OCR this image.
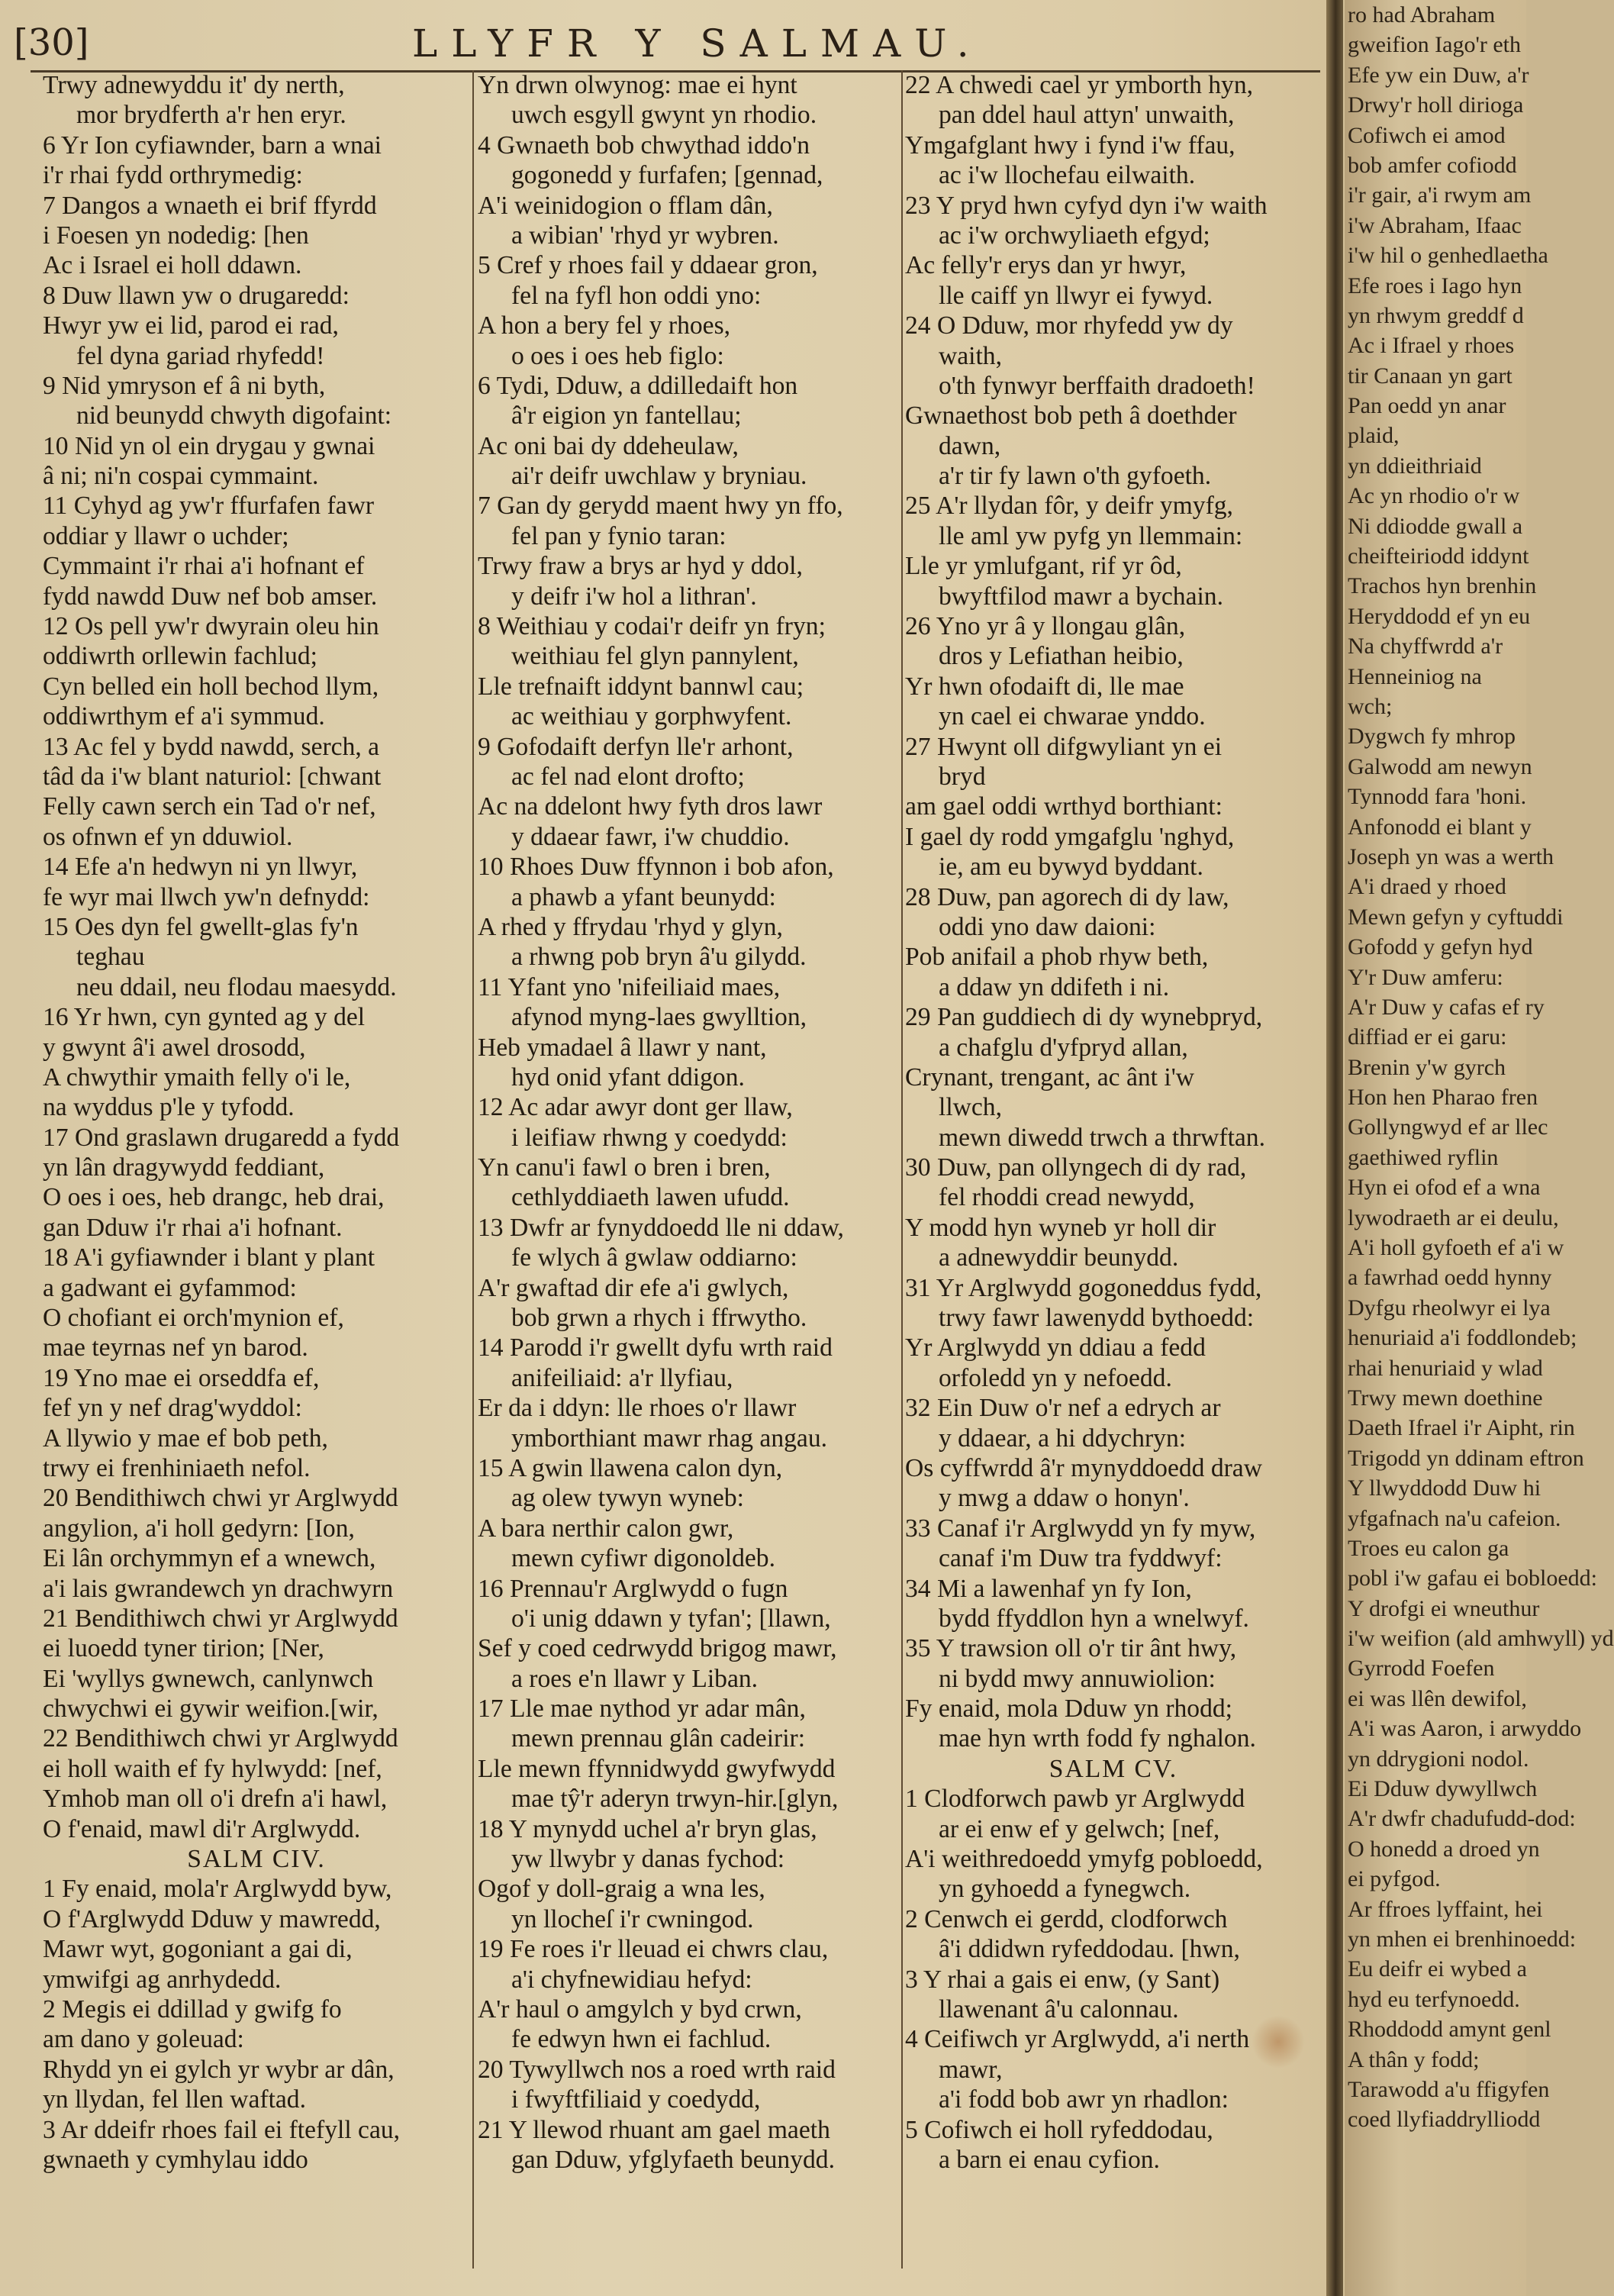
[30]	LLYFR Y SALMAU.
Trwy adnewyddu it' dy nerth,
mor brydferth a'r hen eryr.
6 Yr Ion cyfiawnder, barn a wnai
i'r rhai fydd orthrymedig:
7 Dangos a wnaeth ei brif ffyrdd
i Foesen yn nodedig: [hen
Ac i Israel ei holl ddawn.
8 Duw llawn yw o drugaredd:
Hwyr yw ei lid, parod ei rad,
fel dyna gariad rhyfedd!
9 Nid ymryson ef â ni byth,
nid beunydd chwyth digofaint:
10 Nid yn ol ein drygau y gwnai
â ni; ni'n cospai cymmaint.
11 Cyhyd ag yw'r ffurfafen fawr
oddiar y llawr o uchder;
Cymmaint i'r rhai a'i hofnant ef
fydd nawdd Duw nef bob amser.
12 Os pell yw'r dwyrain oleu hin
oddiwrth orllewin fachlud;
Cyn belled ein holl bechod llym,
oddiwrthym ef a'i symmud.
13 Ac fel y bydd nawdd, serch, a
tâd da i'w blant naturiol: [chwant
Felly cawn serch ein Tad o'r nef,
os ofnwn ef yn dduwiol.
14 Efe a'n hedwyn ni yn llwyr,
fe wyr mai llwch yw'n defnydd:
15 Oes dyn fel gwellt-glas fy'n
teghau
neu ddail, neu flodau maesydd.
16 Yr hwn, cyn gynted ag y del
y gwynt â'i awel drosodd,
A chwythir ymaith felly o'i le,
na wyddus p'le y tyfodd.
17 Ond graslawn drugaredd a fydd
yn lân dragywydd feddiant,
O oes i oes, heb drangc, heb drai,
gan Dduw i'r rhai a'i hofnant.
18 A'i gyfiawnder i blant y plant
a gadwant ei gyfammod:
O chofiant ei orch'mynion ef,
mae teyrnas nef yn barod.
19 Yno mae ei orseddfa ef,
fef yn y nef drag'wyddol:
A llywio y mae ef bob peth,
trwy ei frenhiniaeth nefol.
20 Bendithiwch chwi yr Arglwydd
angylion, a'i holl gedyrn: [Ion,
Ei lân orchymmyn ef a wnewch,
a'i lais gwrandewch yn drachwyrn
21 Bendithiwch chwi yr Arglwydd
ei luoedd tyner tirion; [Ner,
Ei 'wyllys gwnewch, canlynwch
chwychwi ei gywir weifion.[wir,
22 Bendithiwch chwi yr Arglwydd
ei holl waith ef fy hylwydd: [nef,
Ymhob man oll o'i drefn a'i hawl,
O f'enaid, mawl di'r Arglwydd.
SALM CIV.
1 Fy enaid, mola'r Arglwydd byw,
O f'Arglwydd Dduw y mawredd,
Mawr wyt, gogoniant a gai di,
ymwifgi ag anrhydedd.
2 Megis ei ddillad y gwifg fo
am dano y goleuad:
Rhydd yn ei gylch yr wybr ar dân,
yn llydan, fel llen waftad.
3 Ar ddeifr rhoes fail ei ftefyll cau,
gwnaeth y cymhylau iddo
Yn drwn olwynog: mae ei hynt
uwch esgyll gwynt yn rhodio.
4 Gwnaeth bob chwythad iddo'n
gogonedd y furfafen; [gennad,
A'i weinidogion o fflam dân,
a wibian' 'rhyd yr wybren.
5 Cref y rhoes fail y ddaear gron,
fel na fyfl hon oddi yno:
A hon a bery fel y rhoes,
o oes i oes heb figlo:
6 Tydi, Dduw, a ddilledaift hon
â'r eigion yn fantellau;
Ac oni bai dy ddeheulaw,
ai'r deifr uwchlaw y bryniau.
7 Gan dy gerydd maent hwy yn ffo,
fel pan y fynio taran:
Trwy fraw a brys ar hyd y ddol,
y deifr i'w hol a lithran'.
8 Weithiau y codai'r deifr yn fryn;
weithiau fel glyn pannylent,
Lle trefnaift iddynt bannwl cau;
ac weithiau y gorphwyfent.
9 Gofodaift derfyn lle'r arhont,
ac fel nad elont drofto;
Ac na ddelont hwy fyth dros lawr
y ddaear fawr, i'w chuddio.
10 Rhoes Duw ffynnon i bob afon,
a phawb a yfant beunydd:
A rhed y ffrydau 'rhyd y glyn,
a rhwng pob bryn â'u gilydd.
11 Yfant yno 'nifeiliaid maes,
afynod myng-laes gwylltion,
Heb ymadael â llawr y nant,
hyd onid yfant ddigon.
12 Ac adar awyr dont ger llaw,
i leifiaw rhwng y coedydd:
Yn canu'i fawl o bren i bren,
cethlyddiaeth lawen ufudd.
13 Dwfr ar fynyddoedd lle ni ddaw,
fe wlych â gwlaw oddiarno:
A'r gwaftad dir efe a'i gwlych,
bob grwn a rhych i ffrwytho.
14 Parodd i'r gwellt dyfu wrth raid
anifeiliaid: a'r llyfiau,
Er da i ddyn: lle rhoes o'r llawr
ymborthiant mawr rhag angau.
15 A gwin llawena calon dyn,
ag olew tywyn wyneb:
A bara nerthir calon gwr,
mewn cyfiwr digonoldeb.
16 Prennau'r Arglwydd o fugn
o'i unig ddawn y tyfan'; [llawn,
Sef y coed cedrwydd brigog mawr,
a roes e'n llawr y Liban.
17 Lle mae nythod yr adar mân,
mewn prennau glân cadeirir:
Lle mewn ffynnidwydd gwyfwydd
mae tŷ'r aderyn trwyn-hir.[glyn,
18 Y mynydd uchel a'r bryn glas,
yw llwybr y danas fychod:
Ogof y doll-graig a wna les,
yn llocheſ i'r cwningod.
19 Fe roes i'r lleuad ei chwrs clau,
a'i chyfnewidiau hefyd:
A'r haul o amgylch y byd crwn,
fe edwyn hwn ei fachlud.
20 Tywyllwch nos a roed wrth raid
i fwyftfiliaid y coedydd,
21 Y llewod rhuant am gael maeth
gan Dduw, yfglyfaeth beunydd.
22 A chwedi cael yr ymborth hyn,
pan ddel haul attyn' unwaith,
Ymgafglant hwy i fynd i'w ffau,
ac i'w llochefau eilwaith.
23 Y pryd hwn cyfyd dyn i'w waith
ac i'w orchwyliaeth efgyd;
Ac felly'r erys dan yr hwyr,
lle caiff yn llwyr ei fywyd.
24 O Dduw, mor rhyfedd yw dy
waith,
o'th fynwyr berffaith dradoeth!
Gwnaethost bob peth â doethder
dawn,
a'r tir fy lawn o'th gyfoeth.
25 A'r llydan fôr, y deifr ymyfg,
lle aml yw pyfg yn llemmain:
Lle yr ymlufgant, rif yr ôd,
bwyftfilod mawr a bychain.
26 Yno yr â y llongau glân,
dros y Lefiathan heibio,
Yr hwn ofodaift di, lle mae
yn cael ei chwarae ynddo.
27 Hwynt oll difgwyliant yn ei
bryd
am gael oddi wrthyd borthiant:
I gael dy rodd ymgafglu 'nghyd,
ie, am eu bywyd byddant.
28 Duw, pan agorech di dy law,
oddi yno daw daioni:
Pob anifail a phob rhyw beth,
a ddaw yn ddifeth i ni.
29 Pan guddiech di dy wynebpryd,
a chafglu d'yfpryd allan,
Crynant, trengant, ac ânt i'w
llwch,
mewn diwedd trwch a thrwftan.
30 Duw, pan ollyngech di dy rad,
fel rhoddi cread newydd,
Y modd hyn wyneb yr holl dir
a adnewyddir beunydd.
31 Yr Arglwydd gogoneddus fydd,
trwy fawr lawenydd bythoedd:
Yr Arglwydd yn ddiau a fedd
orfoledd yn y nefoedd.
32 Ein Duw o'r nef a edrych ar
y ddaear, a hi ddychryn:
Os cyffwrdd â'r mynyddoedd draw
y mwg a ddaw o honyn'.
33 Canaf i'r Arglwydd yn fy myw,
canaf i'm Duw tra fyddwyf:
34 Mi a lawenhaf yn fy Ion,
bydd ffyddlon hyn a wnelwyf.
35 Y trawsion oll o'r tir ânt hwy,
ni bydd mwy annuwiolion:
Fy enaid, mola Dduw yn rhodd;
mae hyn wrth fodd fy nghalon.
SALM CV.
1 Clodforwch pawb yr Arglwydd
ar ei enw ef y gelwch; [nef,
A'i weithredoedd ymyfg pobloedd,
yn gyhoedd a fynegwch.
2 Cenwch ei gerdd, clodforwch
â'i ddidwn ryfeddodau. [hwn,
3 Y rhai a gais ei enw, (y Sant)
llawenant â'u calonnau.
4 Ceifiwch yr Arglwydd, a'i nerth
mawr,
a'i fodd bob awr yn rhadlon:
5 Cofiwch ei holl ryfeddodau,
a barn ei enau cyfion.
ro had Abraham
gweifion Iago'r eth
Efe yw ein Duw, a'r
Drwy'r holl dirioga
Cofiwch ei amod
bob amfer cofiodd
i'r gair, a'i rwym am
i'w Abraham, Ifaac
i'w hil o genhedlaetha
Efe roes i Iago hyn
yn rhwym greddf d
Ac i Ifrael y rhoes
tir Canaan yn gart
Pan oedd yn anar
plaid,
yn ddieithriaid
Ac yn rhodio o'r w
Ni ddiodde gwall a
cheifteiriodd iddynt
Trachos hyn brenhin
Heryddodd ef yn eu
Na chyffwrdd a'r
Henneiniog na
wch;
Dygwch fy mhrop
Galwodd am newyn
Tynnodd fara 'honi.
Anfonodd ei blant y
Joseph yn was a werth
A'i draed y rhoed
Mewn gefyn y cyftuddi
Gofodd y gefyn hyd
Y'r Duw amferu:
A'r Duw y cafas ef ry
diffiad er ei garu:
Brenin y'w gyrch
Hon hen Pharao fren
Gollyngwyd ef ar llec
gaethiwed ryflin
Hyn ei ofod ef a wna
lywodraeth ar ei deulu,
A'i holl gyfoeth ef a'i w
a fawrhad oedd hynny
Dyfgu rheolwyr ei lya
henuriaid a'i foddlondeb;
rhai henuriaid y wlad
Trwy mewn doethine
Daeth Ifrael i'r Aipht, rin
Trigodd yn ddinam eftron
Y llwyddodd Duw hi
yfgafnach na'u cafeion.
Troes eu calon ga
pobl i'w gafau ei bobloedd:
Y drofgi ei wneuthur
i'w weifion (ald amhwyll) yd
Gyrrodd Foefen
ei was llên dewifol,
A'i was Aaron, i arwyddo
yn ddrygioni nodol.
Ei Dduw dywyllwch
A'r dwfr chadufudd-dod:
O honedd a droed yn
ei pyfgod.
Ar ffroes lyffaint, hei
yn mhen ei brenhinoedd:
Eu deifr ei wybed a
hyd eu terfynoedd.
Rhoddodd amynt genl
A thân y fodd;
Tarawodd a'u ffigyfen
coed llyfiaddrylliodd
